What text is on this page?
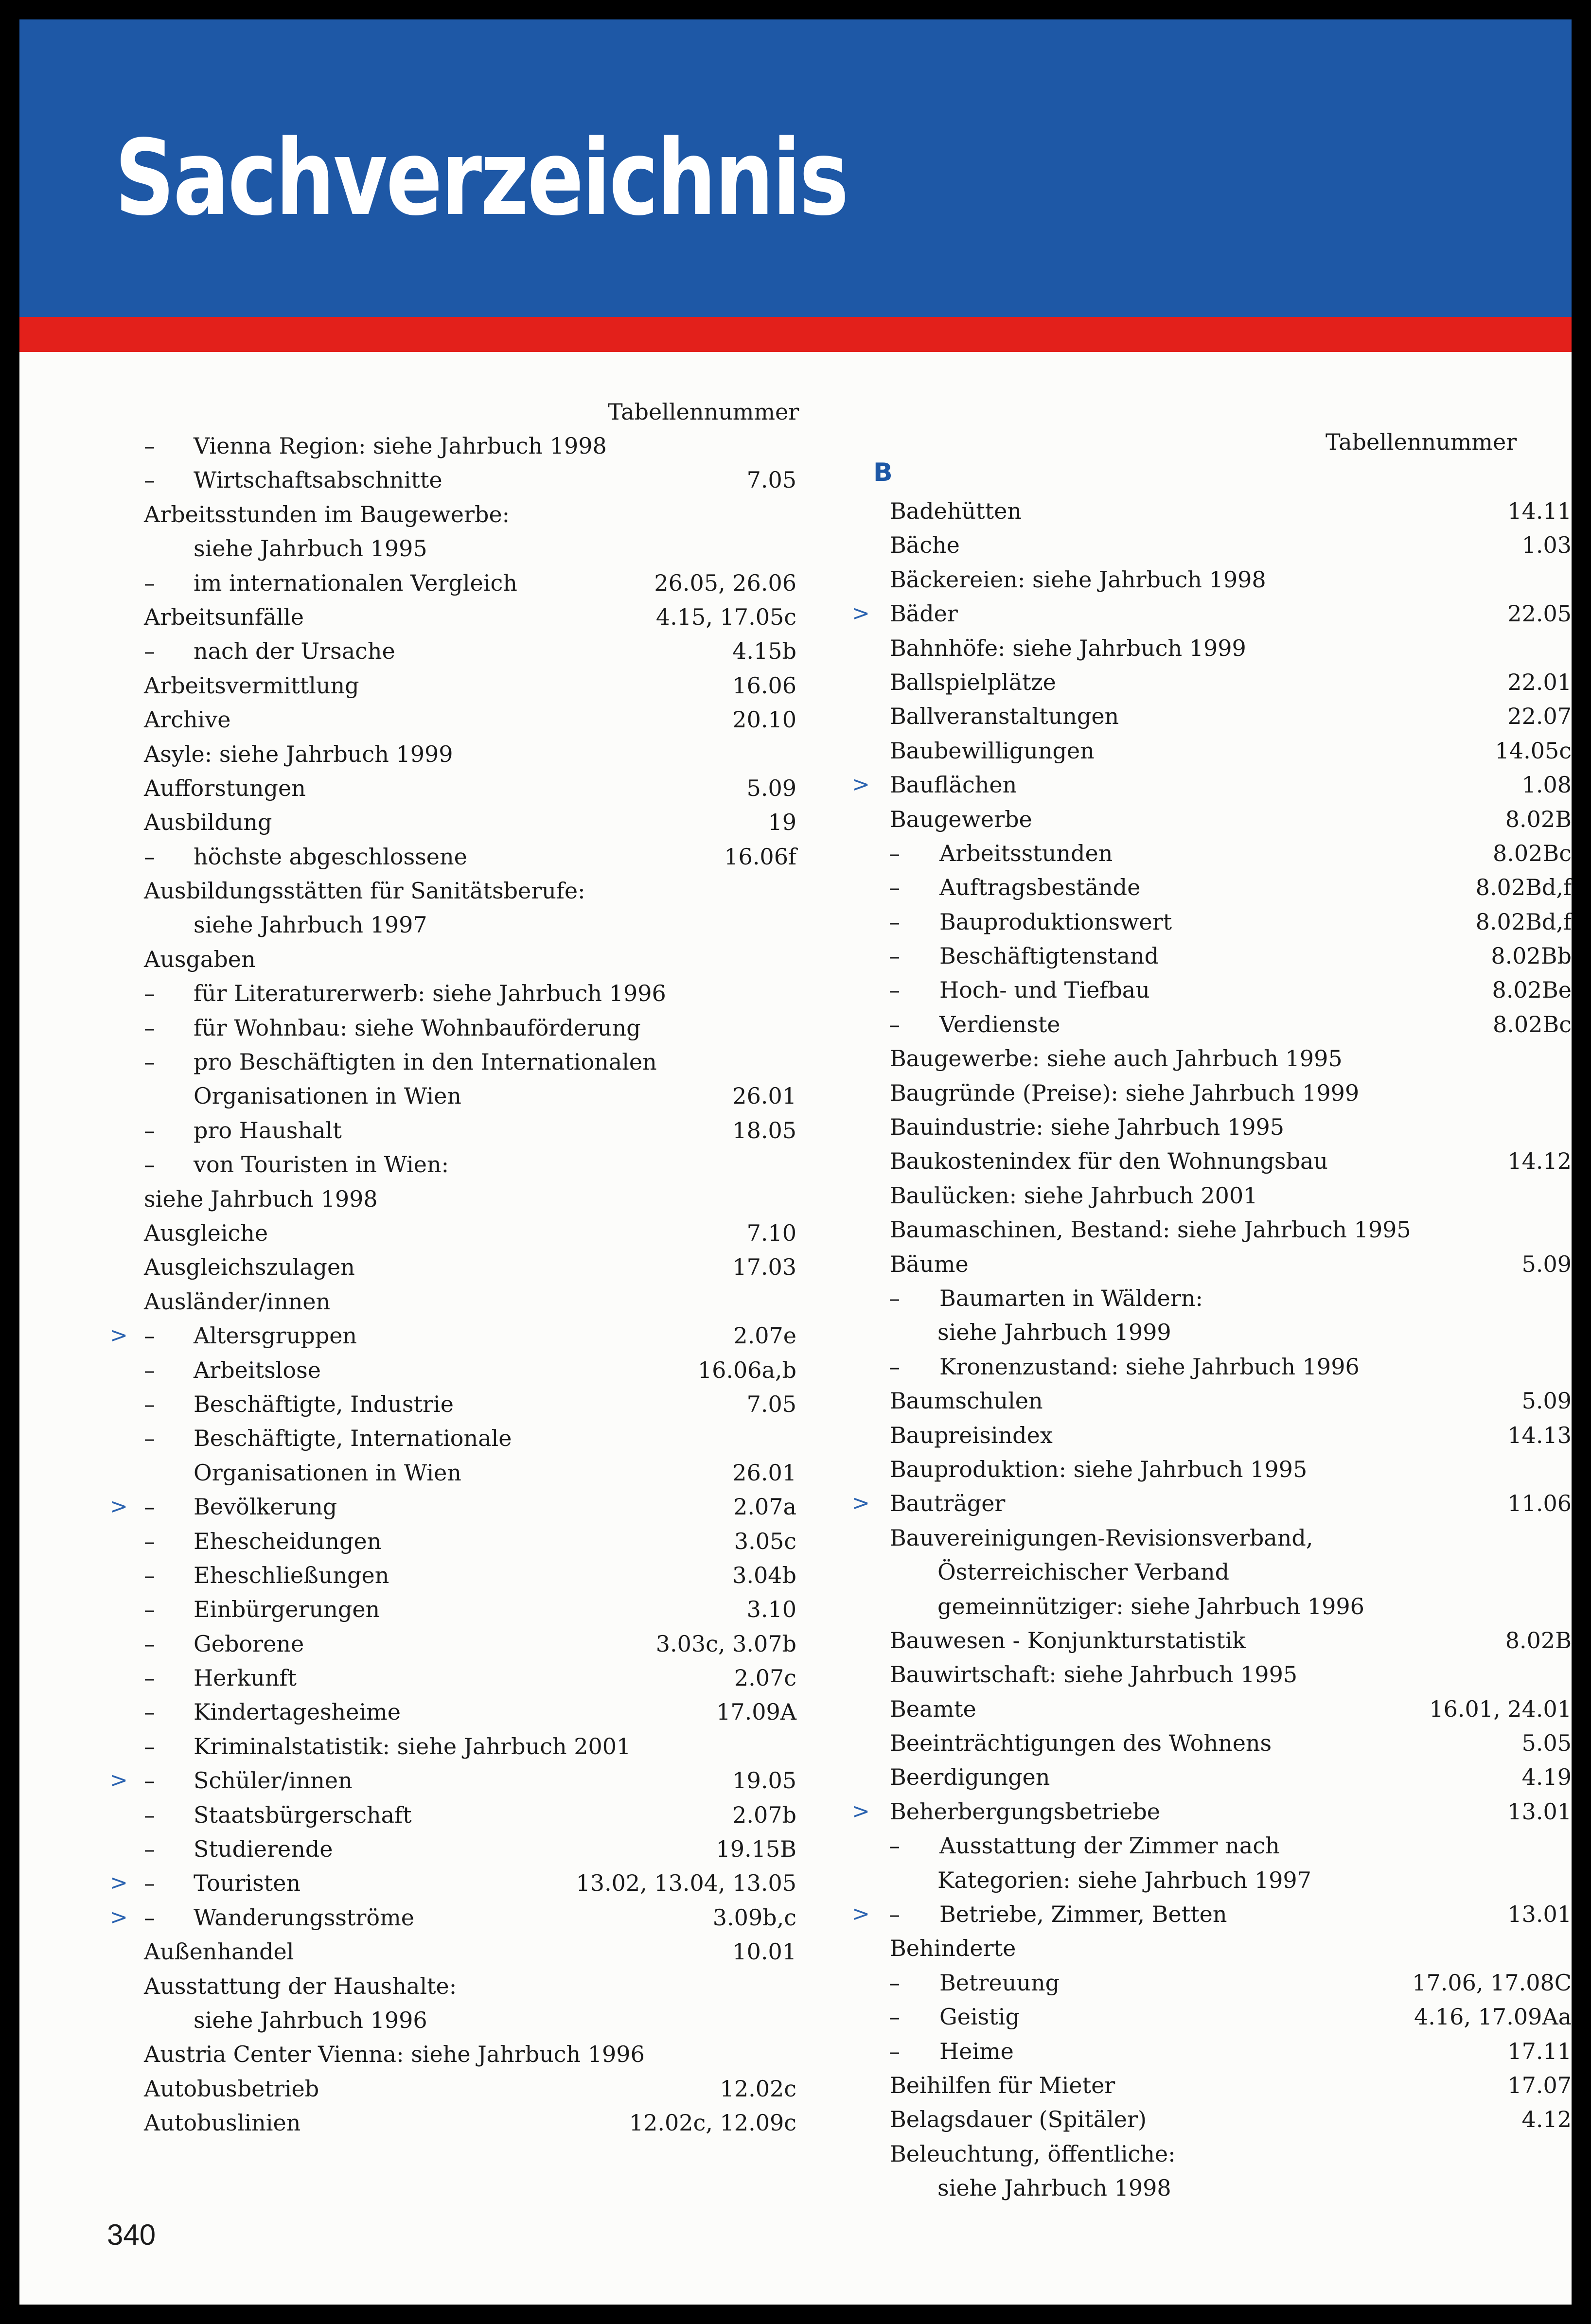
Sachverzeichnis
Tabellennummer
– Vienna Region: siehe Jahrbuch 1998
– Wirtschaftsabschnitte	7.05
Arbeitsstunden im Baugewerbe:
siehe Jahrbuch 1995
– im internationalen Vergleich	26.05, 26.06
Arbeitsunfälle	4.15, 17.05c
– nach der Ursache	4.15b
Arbeitsvermittlung	16.06
Archive	20.10
Asyle: siehe Jahrbuch 1999
Aufforstungen	5.09
Ausbildung	19
– höchste abgeschlossene	16.06f
Ausbildungsstätten für Sanitätsberufe:
siehe Jahrbuch 1997
Ausgaben
– für Literaturerwerb: siehe Jahrbuch 1996
– für Wohnbau: siehe Wohnbauförderung
– pro Beschäftigten in den Internationalen
Organisationen in Wien	26.01
– pro Haushalt	18.05
– von Touristen in Wien:
siehe Jahrbuch 1998
Ausgleiche	7.10
Ausgleichszulagen	17.03
Ausländer/innen
> – Altersgruppen	2.07e
– Arbeitslose	16.06a,b
– Beschäftigte, Industrie	7.05
– Beschäftigte, Internationale
Organisationen in Wien	26.01
> – Bevölkerung	2.07a
– Ehescheidungen	3.05c
– Eheschließungen	3.04b
– Einbürgerungen	3.10
– Geborene	3.03c, 3.07b
– Herkunft	2.07c
– Kindertagesheime	17.09A
– Kriminalstatistik: siehe Jahrbuch 2001
> – Schüler/innen	19.05
– Staatsbürgerschaft	2.07b
– Studierende	19.15B
> – Touristen	13.02, 13.04, 13.05
> – Wanderungsströme	3.09b,c
Außenhandel	10.01
Ausstattung der Haushalte:
siehe Jahrbuch 1996
Austria Center Vienna: siehe Jahrbuch 1996
Autobusbetrieb	12.02c
Autobuslinien	12.02c, 12.09c
Tabellennummer
B
Badehütten	14.11
Bäche	1.03
Bäckereien: siehe Jahrbuch 1998
> Bäder	22.05
Bahnhöfe: siehe Jahrbuch 1999
Ballspielplätze	22.01
Ballveranstaltungen	22.07
Baubewilligungen	14.05c
> Bauflächen	1.08
Baugewerbe	8.02B
– Arbeitsstunden	8.02Bc
– Auftragsbestände	8.02Bd,f
– Bauproduktionswert	8.02Bd,f
– Beschäftigtenstand	8.02Bb
– Hoch- und Tiefbau	8.02Be
– Verdienste	8.02Bc
Baugewerbe: siehe auch Jahrbuch 1995
Baugründe (Preise): siehe Jahrbuch 1999
Bauindustrie: siehe Jahrbuch 1995
Baukostenindex für den Wohnungsbau	14.12
Baulücken: siehe Jahrbuch 2001
Baumaschinen, Bestand: siehe Jahrbuch 1995
Bäume	5.09
– Baumarten in Wäldern:
siehe Jahrbuch 1999
– Kronenzustand: siehe Jahrbuch 1996
Baumschulen	5.09
Baupreisindex	14.13
Bauproduktion: siehe Jahrbuch 1995
> Bauträger	11.06
Bauvereinigungen-Revisionsverband,
Österreichischer Verband
gemeinnütziger: siehe Jahrbuch 1996
Bauwesen - Konjunkturstatistik	8.02B
Bauwirtschaft: siehe Jahrbuch 1995
Beamte	16.01, 24.01
Beeinträchtigungen des Wohnens	5.05
Beerdigungen	4.19
> Beherbergungsbetriebe	13.01
– Ausstattung der Zimmer nach
Kategorien: siehe Jahrbuch 1997
> – Betriebe, Zimmer, Betten	13.01
Behinderte
– Betreuung	17.06, 17.08C
– Geistig	4.16, 17.09Aa
– Heime	17.11
Beihilfen für Mieter	17.07
Belagsdauer (Spitäler)	4.12
Beleuchtung, öffentliche:
siehe Jahrbuch 1998
340
